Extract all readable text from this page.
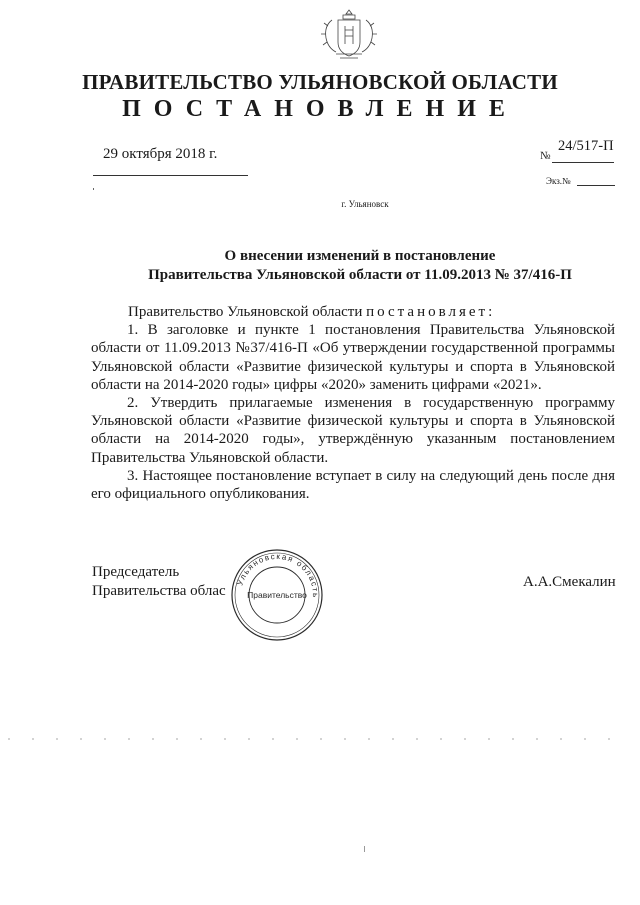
ПРАВИТЕЛЬСТВО УЛЬЯНОВСКОЙ ОБЛАСТИ
ПОСТАНОВЛЕНИЕ
29 октября 2018 г.	24/517-П
№
Экз.№
г. Ульяновск
О внесении изменений в постановление
Правительства Ульяновской области от 11.09.2013 № 37/416-П

Правительство Ульяновской области постановляет:

1. В заголовке и пункте 1 постановления Правительства Ульяновской области от 11.09.2013 №37/416-П «Об утверждении государственной программы Ульяновской области «Развитие физической культуры и спорта в Ульяновской области на 2014-2020 годы» цифры «2020» заменить цифрами «2021».

2. Утвердить прилагаемые изменения в государственную программу Ульяновской области «Развитие физической культуры и спорта в Ульяновской области на 2014-2020 годы», утверждённую указанным постановлением Правительства Ульяновской области.

3. Настоящее постановление вступает в силу на следующий день после дня его официального опубликования.

Председатель
Правительства облас
А.А.Смекалин
Ульяновская область
Правительство
